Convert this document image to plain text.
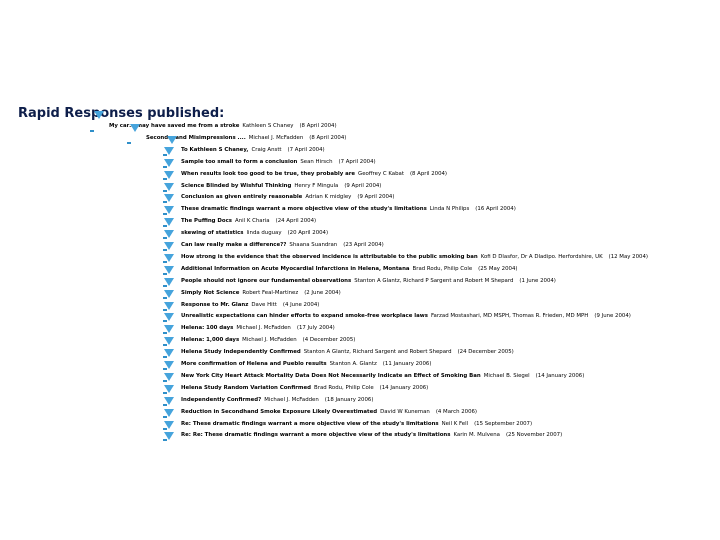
Rapid Responses published:
My car… may have saved me from a stroke Kathleen S Chaney (8 April 2004)
Second… and Misimpressions .... Michael J. McFadden (8 April 2004)
To Kathleen S Chaney, Craig Anstt (7 April 2004)
Sample too small to form a conclusion Sean Hirsch (7 April 2004)
When results look too good to be true, they probably are Geoffrey C Kabat (8 April 2004)
Science Blinded by Wishful Thinking Henry F Mingula (9 April 2004)
Conclusion as given entirely reasonable Adrian K midgley (9 April 2004)
These dramatic findings warrant a more objective view of the study's limitations Linda N Philips (16 April 2004)
The Puffing Docs Anil K Charia (24 April 2004)
skewing of statistics linda duguay (20 April 2004)
Can law really make a difference?? Shaana Suandran (23 April 2004)
How strong is the evidence that the observed incidence is attributable to the public smoking ban Kofi D Dlasfor, Dr A Dladipo. Herfordshire, UK (12 May 2004)
Additional Information on Acute Myocardial Infarctions in Helena, Montana Brad Rodu, Philip Cole (25 May 2004)
People should not ignore our fundamental observations Stanton A Glantz, Richard P Sargent and Robert M Shepard (1 June 2004)
Simply Not Science Robert Feal-Martinez (2 June 2004)
Response to Mr. Glanz Dave Hitt (4 June 2004)
Unrealistic expectations can hinder efforts to expand smoke-free workplace laws Farzad Mostashari, MD MSPH, Thomas R. Frieden, MD MPH (9 June 2004)
Helena: 100 days Michael J. McFadden (17 July 2004)
Helena: 1,000 days Michael J. McFadden (4 December 2005)
Helena Study Independently Confirmed Stanton A Glantz, Richard Sargent and Robert Shepard (24 December 2005)
More confirmation of Helena and Pueblo results Stanton A. Glantz (11 January 2006)
New York City Heart Attack Mortality Data Does Not Necessarily Indicate an Effect of Smoking Ban Michael B. Siegel (14 January 2006)
Helena Study Random Variation Confirmed Brad Rodu, Philip Cole (14 January 2006)
Independently Confirmed? Michael J. McFadden (18 January 2006)
Reduction in Secondhand Smoke Exposure Likely Overestimated David W Kuneman (4 March 2006)
Re: These dramatic findings warrant a more objective view of the study's limitations Neil K Fell (15 September 2007)
Re: Re: These dramatic findings warrant a more objective view of the study's limitations Karin M. Mulvena (25 November 2007)
